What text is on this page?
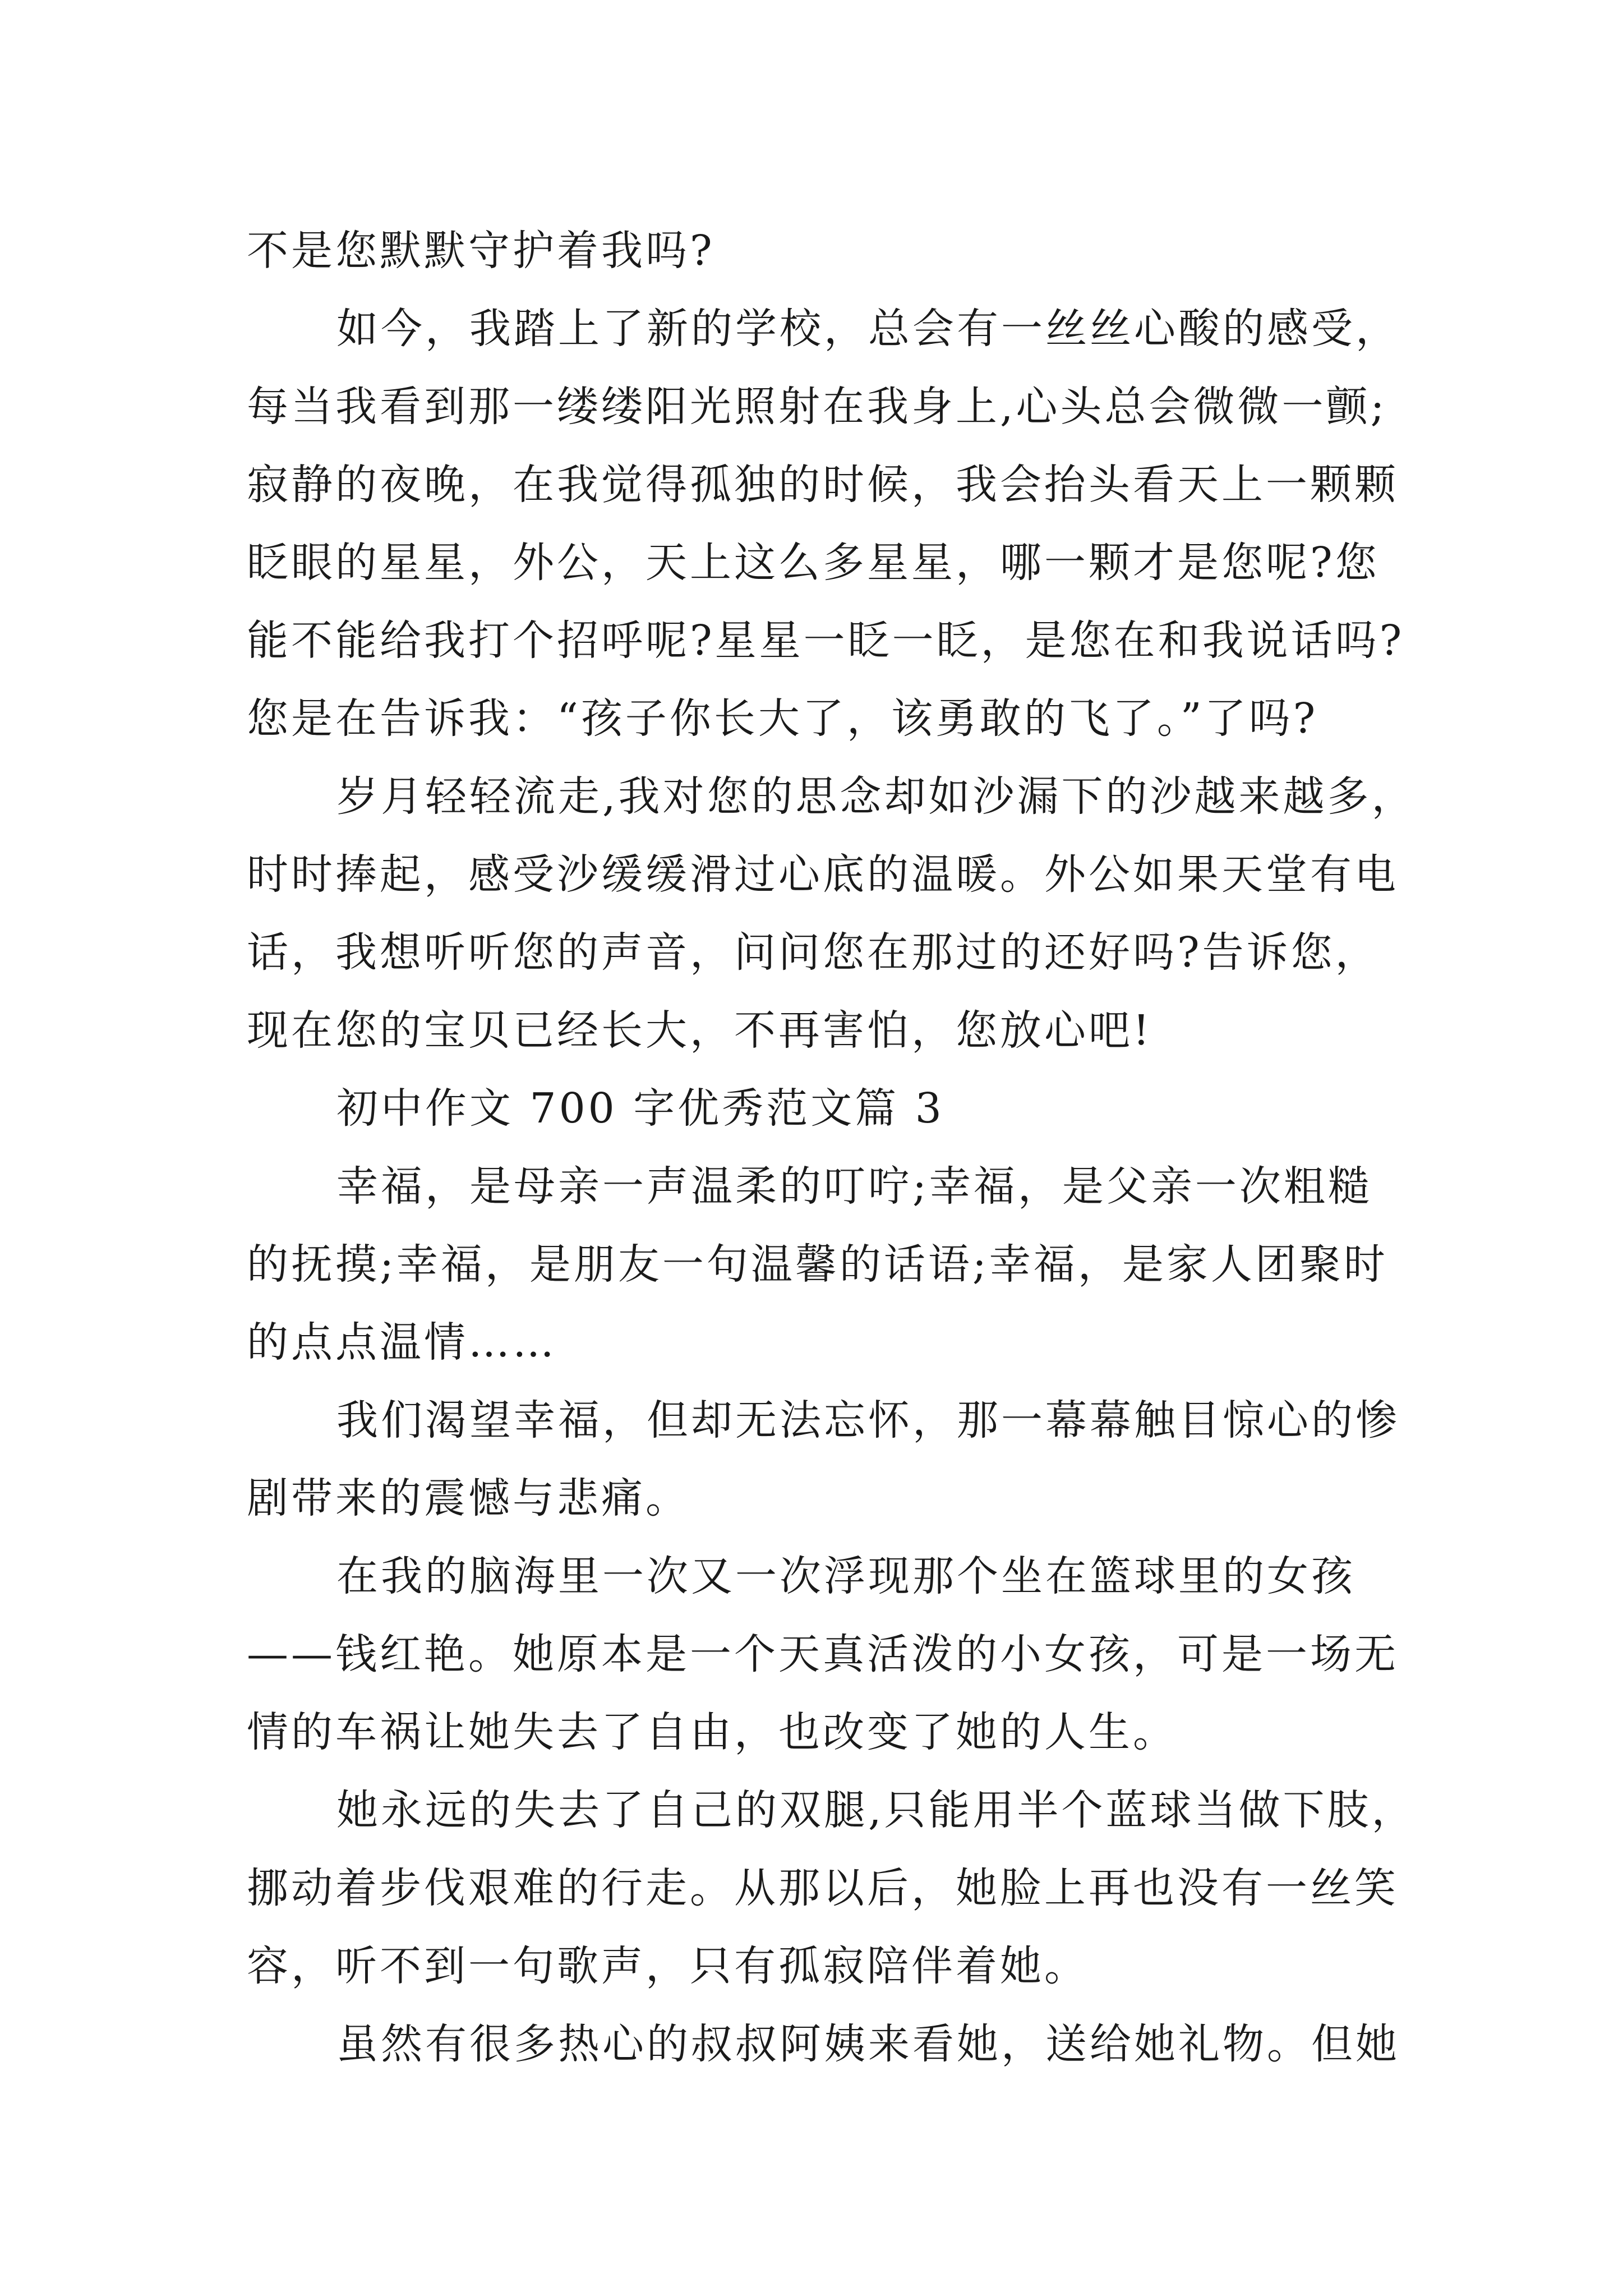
不是您默默守护着我吗?
如今，我踏上了新的学校，总会有一丝丝心酸的感受，
每当我看到那一缕缕阳光照射在我身上,心头总会微微一颤;
寂静的夜晚，在我觉得孤独的时候，我会抬头看天上一颗颗
眨眼的星星，外公，天上这么多星星，哪一颗才是您呢?您
能不能给我打个招呼呢?星星一眨一眨，是您在和我说话吗?
您是在告诉我：“孩子你长大了，该勇敢的飞了。”了吗?
岁月轻轻流走,我对您的思念却如沙漏下的沙越来越多，
时时捧起，感受沙缓缓滑过心底的温暖。外公如果天堂有电
话，我想听听您的声音，问问您在那过的还好吗?告诉您，
现在您的宝贝已经长大，不再害怕，您放心吧!
初中作文 700 字优秀范文篇 3
幸福，是母亲一声温柔的叮咛;幸福，是父亲一次粗糙
的抚摸;幸福，是朋友一句温馨的话语;幸福，是家人团聚时
的点点温情……
我们渴望幸福，但却无法忘怀，那一幕幕触目惊心的惨
剧带来的震憾与悲痛。
在我的脑海里一次又一次浮现那个坐在篮球里的女孩
——钱红艳。她原本是一个天真活泼的小女孩，可是一场无
情的车祸让她失去了自由，也改变了她的人生。
她永远的失去了自己的双腿,只能用半个蓝球当做下肢，
挪动着步伐艰难的行走。从那以后，她脸上再也没有一丝笑
容，听不到一句歌声，只有孤寂陪伴着她。
虽然有很多热心的叔叔阿姨来看她，送给她礼物。但她
